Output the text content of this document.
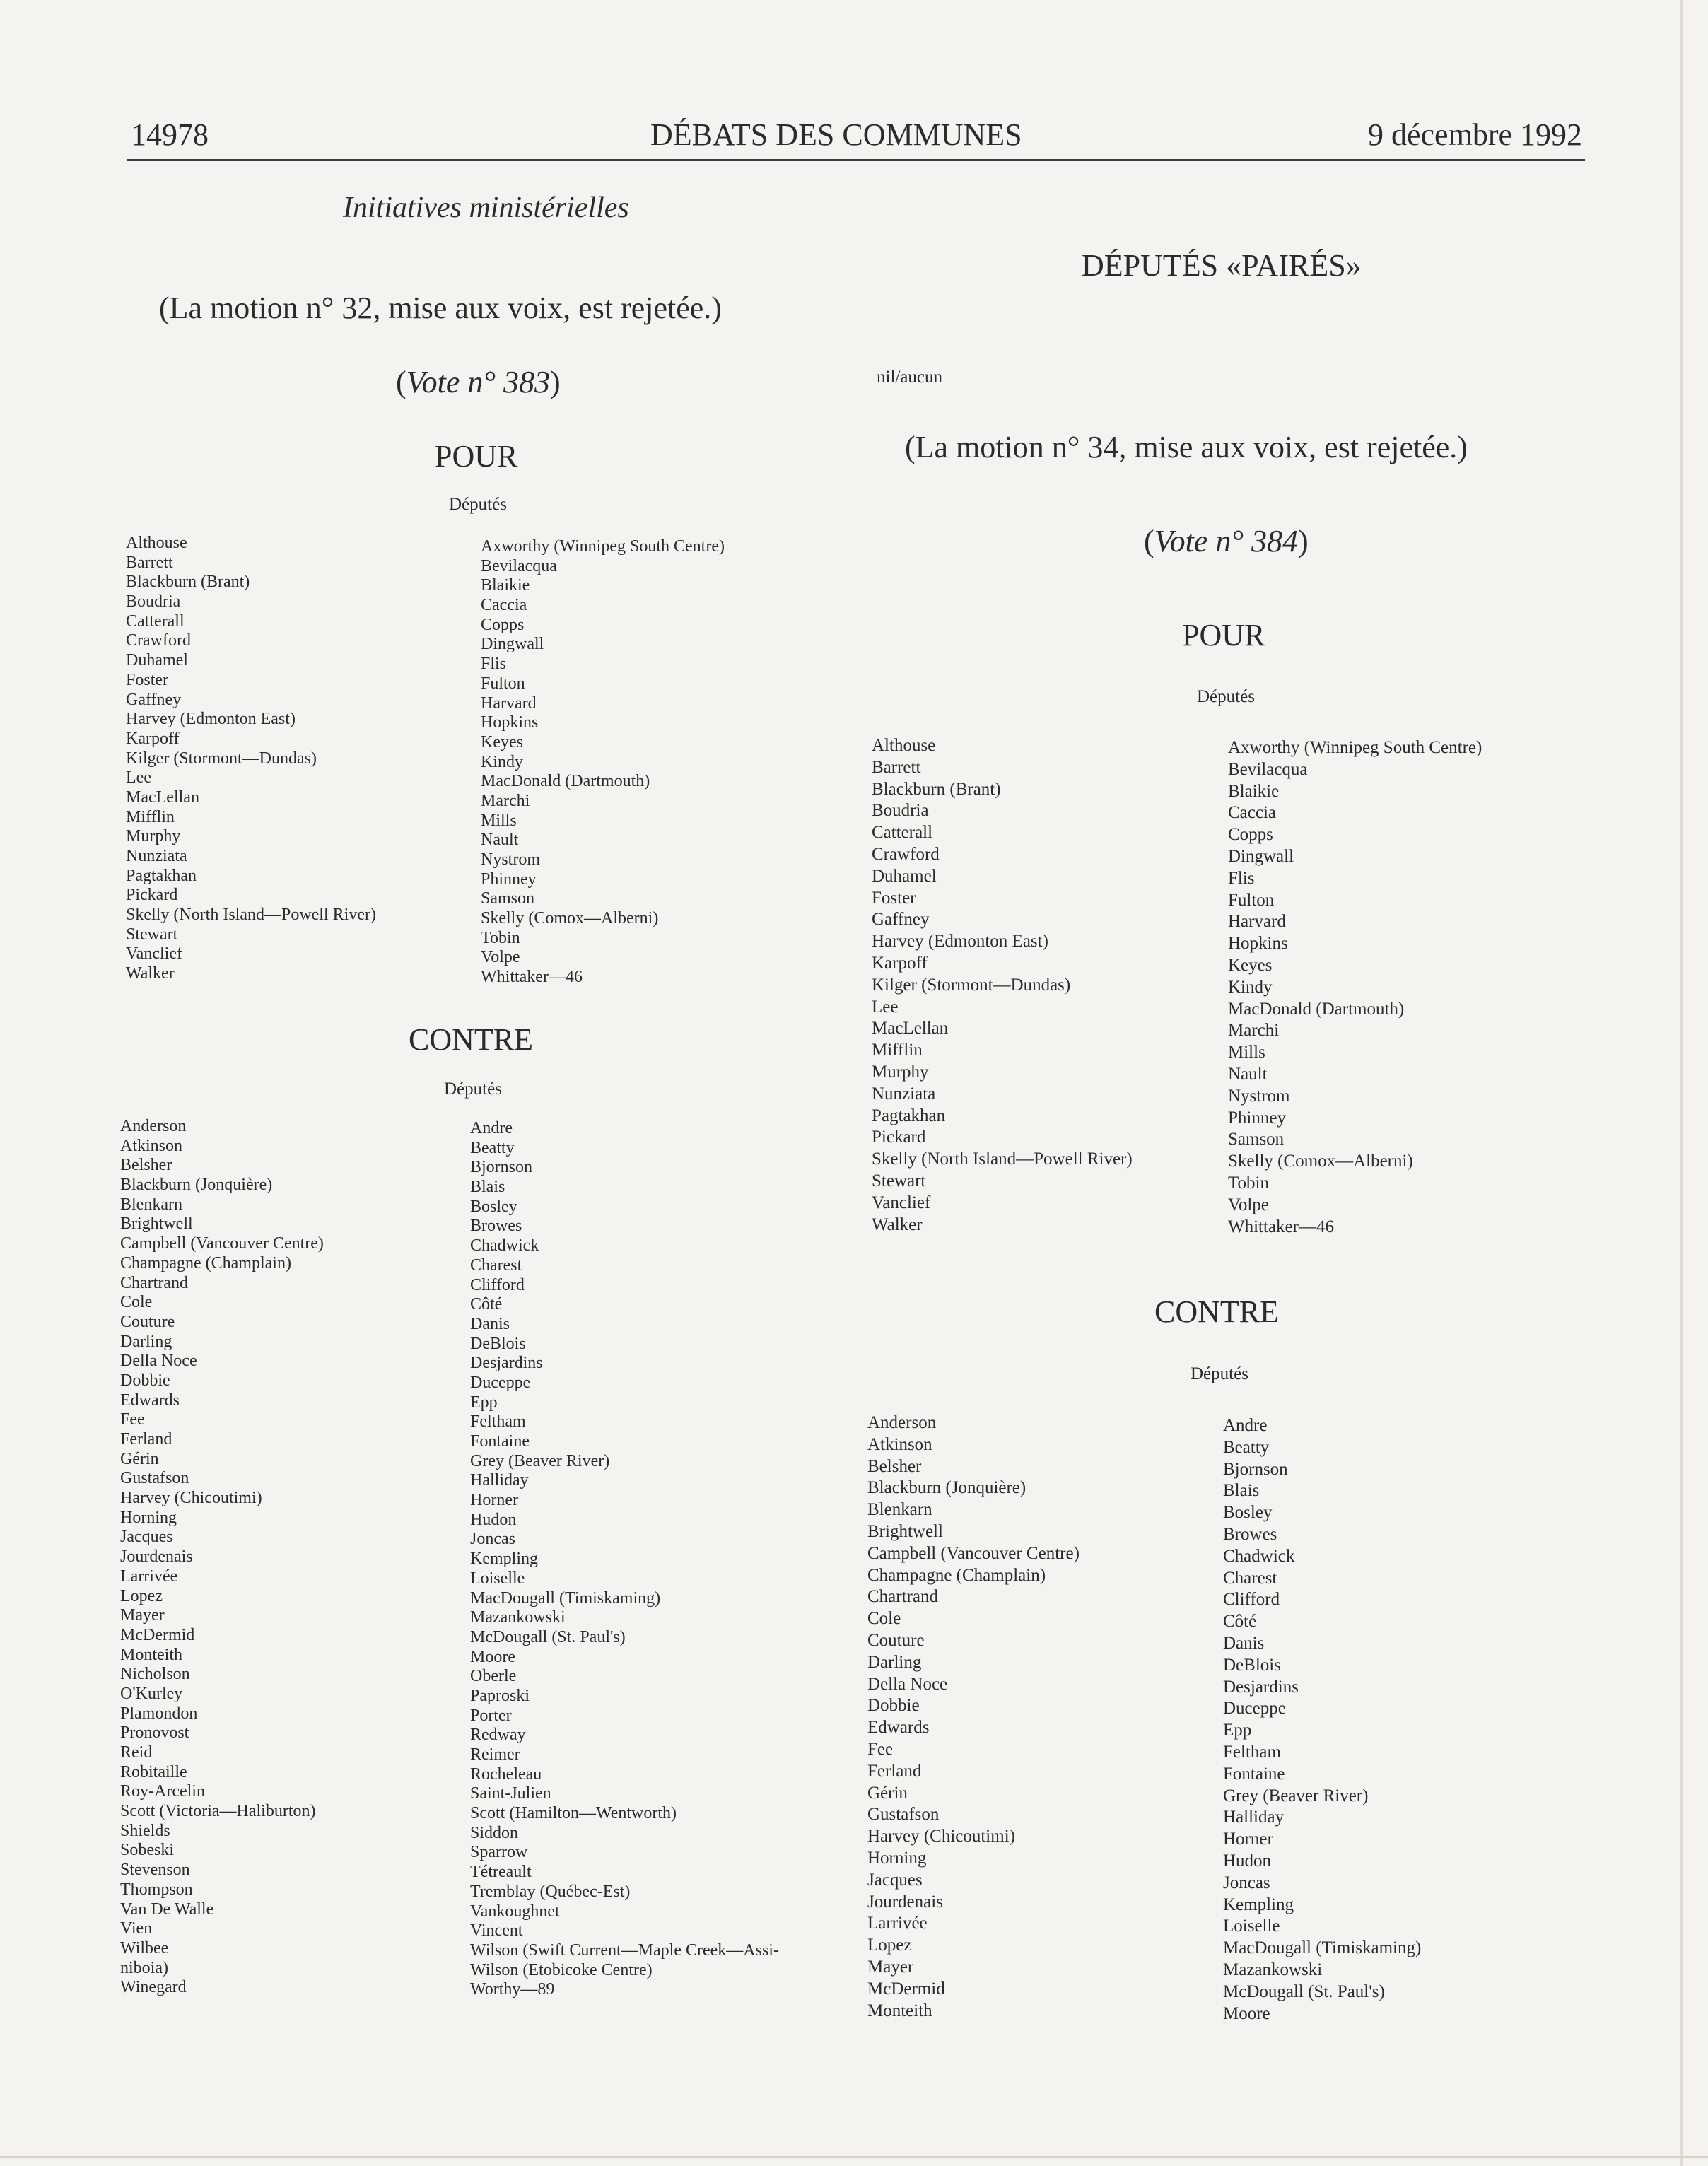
14978	DÉBATS DES COMMUNES	9 décembre 1992
Initiatives ministérielles
(La motion n° 32, mise aux voix, est rejetée.)
(Vote n° 383)
POUR
Députés
Althouse
Barrett
Blackburn (Brant)
Boudria
Catterall
Crawford
Duhamel
Foster
Gaffney
Harvey (Edmonton East)
Karpoff
Kilger (Stormont—Dundas)
Lee
MacLellan
Mifflin
Murphy
Nunziata
Pagtakhan
Pickard
Skelly (North Island—Powell River)
Stewart
Vanclief
Walker
Axworthy (Winnipeg South Centre)
Bevilacqua
Blaikie
Caccia
Copps
Dingwall
Flis
Fulton
Harvard
Hopkins
Keyes
Kindy
MacDonald (Dartmouth)
Marchi
Mills
Nault
Nystrom
Phinney
Samson
Skelly (Comox—Alberni)
Tobin
Volpe
Whittaker—46
CONTRE
Députés
Anderson
Atkinson
Belsher
Blackburn (Jonquière)
Blenkarn
Brightwell
Campbell (Vancouver Centre)
Champagne (Champlain)
Chartrand
Cole
Couture
Darling
Della Noce
Dobbie
Edwards
Fee
Ferland
Gérin
Gustafson
Harvey (Chicoutimi)
Horning
Jacques
Jourdenais
Larrivée
Lopez
Mayer
McDermid
Monteith
Nicholson
O'Kurley
Plamondon
Pronovost
Reid
Robitaille
Roy-Arcelin
Scott (Victoria—Haliburton)
Shields
Sobeski
Stevenson
Thompson
Van De Walle
Vien
Wilbee
niboia)
Winegard
Andre
Beatty
Bjornson
Blais
Bosley
Browes
Chadwick
Charest
Clifford
Côté
Danis
DeBlois
Desjardins
Duceppe
Epp
Feltham
Fontaine
Grey (Beaver River)
Halliday
Horner
Hudon
Joncas
Kempling
Loiselle
MacDougall (Timiskaming)
Mazankowski
McDougall (St. Paul's)
Moore
Oberle
Paproski
Porter
Redway
Reimer
Rocheleau
Saint-Julien
Scott (Hamilton—Wentworth)
Siddon
Sparrow
Tétreault
Tremblay (Québec-Est)
Vankoughnet
Vincent
Wilson (Swift Current—Maple Creek—Assi-
Wilson (Etobicoke Centre)
Worthy—89
DÉPUTÉS «PAIRÉS»
nil/aucun
(La motion n° 34, mise aux voix, est rejetée.)
(Vote n° 384)
POUR
Députés
Althouse
Barrett
Blackburn (Brant)
Boudria
Catterall
Crawford
Duhamel
Foster
Gaffney
Harvey (Edmonton East)
Karpoff
Kilger (Stormont—Dundas)
Lee
MacLellan
Mifflin
Murphy
Nunziata
Pagtakhan
Pickard
Skelly (North Island—Powell River)
Stewart
Vanclief
Walker
Axworthy (Winnipeg South Centre)
Bevilacqua
Blaikie
Caccia
Copps
Dingwall
Flis
Fulton
Harvard
Hopkins
Keyes
Kindy
MacDonald (Dartmouth)
Marchi
Mills
Nault
Nystrom
Phinney
Samson
Skelly (Comox—Alberni)
Tobin
Volpe
Whittaker—46
CONTRE
Députés
Anderson
Atkinson
Belsher
Blackburn (Jonquière)
Blenkarn
Brightwell
Campbell (Vancouver Centre)
Champagne (Champlain)
Chartrand
Cole
Couture
Darling
Della Noce
Dobbie
Edwards
Fee
Ferland
Gérin
Gustafson
Harvey (Chicoutimi)
Horning
Jacques
Jourdenais
Larrivée
Lopez
Mayer
McDermid
Monteith
Andre
Beatty
Bjornson
Blais
Bosley
Browes
Chadwick
Charest
Clifford
Côté
Danis
DeBlois
Desjardins
Duceppe
Epp
Feltham
Fontaine
Grey (Beaver River)
Halliday
Horner
Hudon
Joncas
Kempling
Loiselle
MacDougall (Timiskaming)
Mazankowski
McDougall (St. Paul's)
Moore
